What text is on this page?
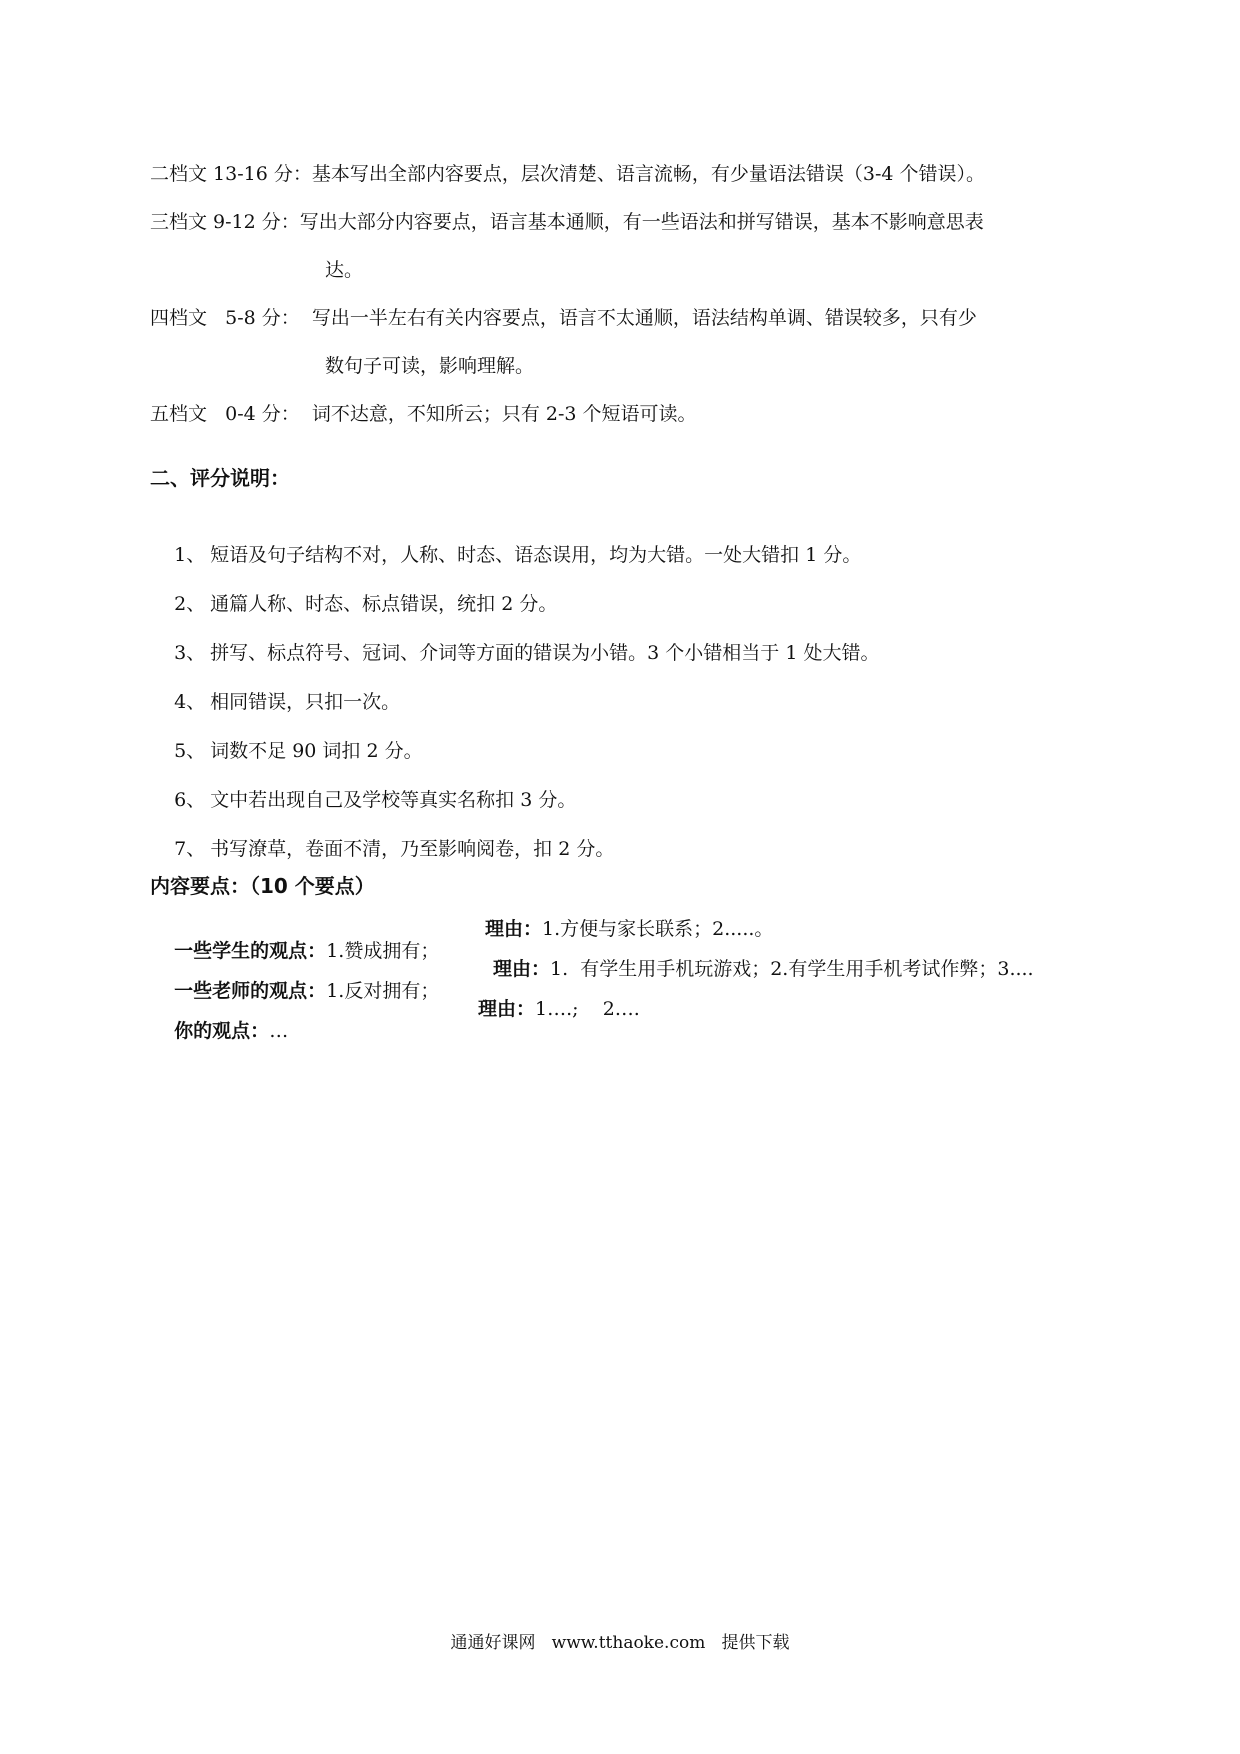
二档文 13-16 分：基本写出全部内容要点，层次清楚、语言流畅，有少量语法错误（3-4 个错误）。
三档文 9-12 分：写出大部分内容要点，语言基本通顺，有一些语法和拼写错误，基本不影响意思表
达。
四档文   5-8 分：  写出一半左右有关内容要点，语言不太通顺，语法结构单调、错误较多，只有少
数句子可读，影响理解。
五档文   0-4 分：  词不达意，不知所云；只有 2-3 个短语可读。
二、评分说明：

1、 短语及句子结构不对，人称、时态、语态误用，均为大错。一处大错扣 1 分。

2、 通篇人称、时态、标点错误，统扣 2 分。

3、 拼写、标点符号、冠词、介词等方面的错误为小错。3 个小错相当于 1 处大错。

4、 相同错误，只扣一次。

5、 词数不足 90 词扣 2 分。

6、 文中若出现自己及学校等真实名称扣 3 分。

7、 书写潦草，卷面不清，乃至影响阅卷，扣 2 分。

内容要点：（10 个要点）

一些学生的观点：1.赞成拥有；

理由：1.方便与家长联系；2.....。

一些老师的观点：1.反对拥有；

理由：1.  有学生用手机玩游戏；2.有学生用手机考试作弊；3....

你的观点：…

理由：1….;    2….

通通好课网   www.tthaoke.com   提供下载
